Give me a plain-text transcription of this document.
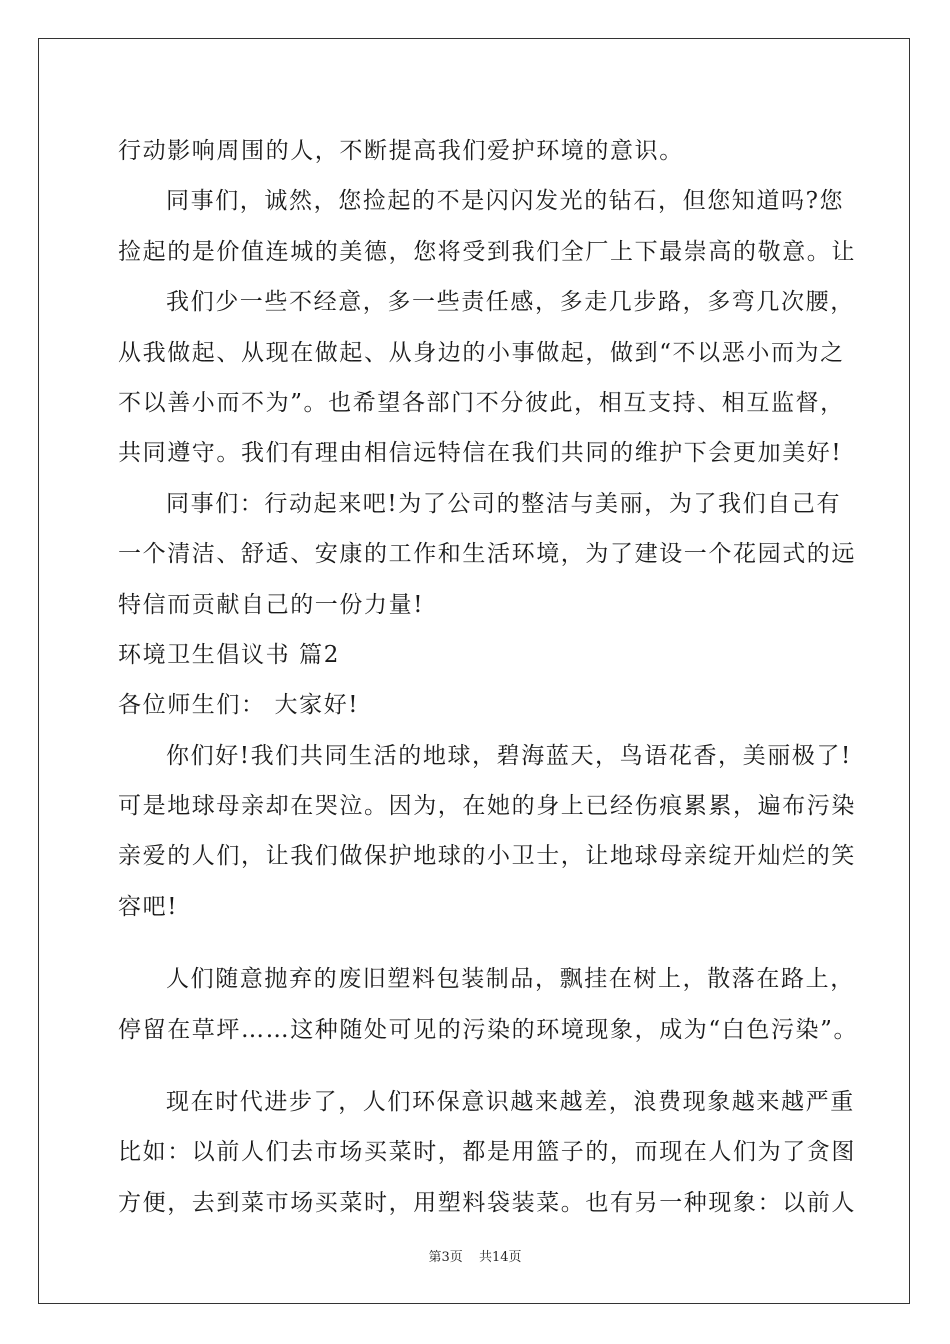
行动影响周围的人，不断提高我们爱护环境的意识。
同事们，诚然，您捡起的不是闪闪发光的钻石，但您知道吗?您
捡起的是价值连城的美德，您将受到我们全厂上下最崇高的敬意。让
我们少一些不经意，多一些责任感，多走几步路，多弯几次腰，
从我做起、从现在做起、从身边的小事做起，做到“不以恶小而为之
不以善小而不为”。也希望各部门不分彼此，相互支持、相互监督，
共同遵守。我们有理由相信远特信在我们共同的维护下会更加美好!
同事们：行动起来吧!为了公司的整洁与美丽，为了我们自己有
一个清洁、舒适、安康的工作和生活环境，为了建设一个花园式的远
特信而贡献自己的一份力量!
环境卫生倡议书 篇2
各位师生们： 大家好!
你们好!我们共同生活的地球，碧海蓝天，鸟语花香，美丽极了!
可是地球母亲却在哭泣。因为，在她的身上已经伤痕累累，遍布污染
亲爱的人们，让我们做保护地球的小卫士，让地球母亲绽开灿烂的笑
容吧!
人们随意抛弃的废旧塑料包装制品，飘挂在树上，散落在路上，
停留在草坪……这种随处可见的污染的环境现象，成为“白色污染”。
现在时代进步了，人们环保意识越来越差，浪费现象越来越严重
比如：以前人们去市场买菜时，都是用篮子的，而现在人们为了贪图
方便，去到菜市场买菜时，用塑料袋装菜。也有另一种现象：以前人
第3页 共14页
